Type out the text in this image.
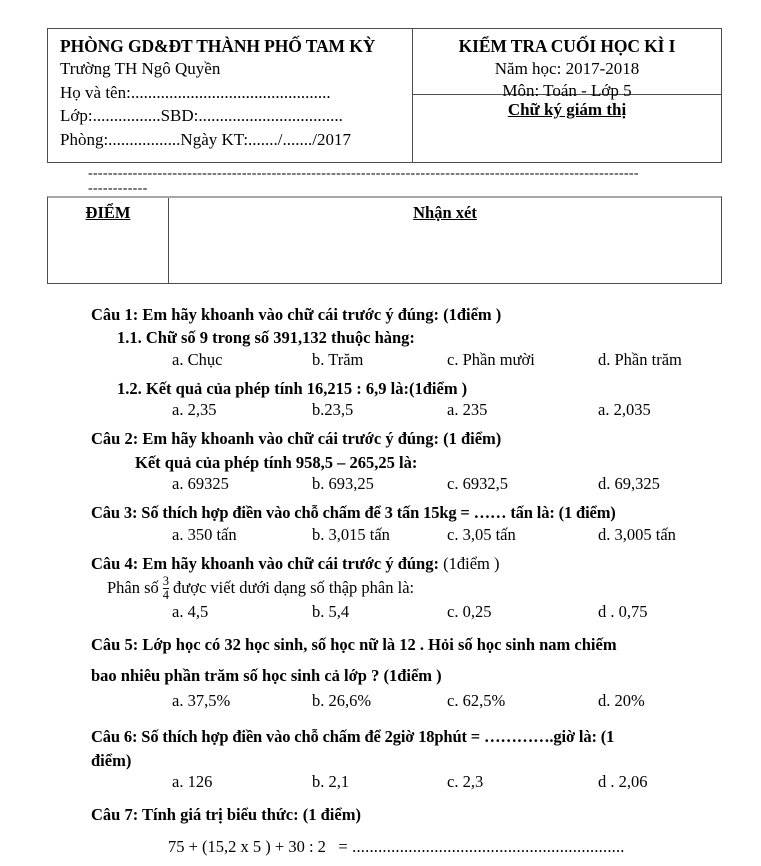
PHÒNG GD&ĐT THÀNH PHỐ TAM KỲ
Trường TH Ngô Quyền
Họ và tên:...............................................
Lớp:................SBD:..................................
Phòng:.................Ngày KT:......./......./2017
KIỂM TRA CUỐI HỌC KÌ I
Năm học: 2017-2018
Môn: Toán - Lớp 5
Chữ ký giám thị
---------------------------------------------------------------------------------------------------------------
------------
ĐIỂM	Nhận xét
Câu 1: Em hãy khoanh vào chữ cái trước ý đúng: (1điểm )
1.1. Chữ số 9 trong số 391,132 thuộc hàng:
a. Chục	b. Trăm	c. Phần mười	d. Phần trăm
1.2. Kết quả của phép tính 16,215 : 6,9 là:(1điểm )
a. 2,35	b.23,5	a. 235	a. 2,035
Câu 2: Em hãy khoanh vào chữ cái trước ý đúng: (1 điểm)
Kết quả của phép tính 958,5 – 265,25 là:
a. 69325	b. 693,25	c. 6932,5	d. 69,325
Câu 3: Số thích hợp điền vào chỗ chấm để 3 tấn 15kg = …… tấn là: (1 điểm)
a. 350 tấn	b. 3,015 tấn	c. 3,05 tấn	d. 3,005 tấn
Câu 4: Em hãy khoanh vào chữ cái trước ý đúng: (1điểm )
Phân số $\frac{3}{4}$ được viết dưới dạng số thập phân là:
a. 4,5	b. 5,4	c. 0,25	d . 0,75
Câu 5: Lớp học có 32 học sinh, số học nữ là 12 . Hỏi số học sinh nam chiếm
bao nhiêu phần trăm số học sinh cả lớp ? (1điểm )
a. 37,5%	b. 26,6%	c. 62,5%	d. 20%
Câu 6: Số thích hợp điền vào chỗ chấm để 2giờ 18phút = ………….giờ là: (1
điểm)
a. 126	b. 2,1	c. 2,3	d . 2,06
Câu 7: Tính giá trị biểu thức: (1 điểm)
75 + (15,2 x 5 ) + 30 : 2 = ...............................................................
